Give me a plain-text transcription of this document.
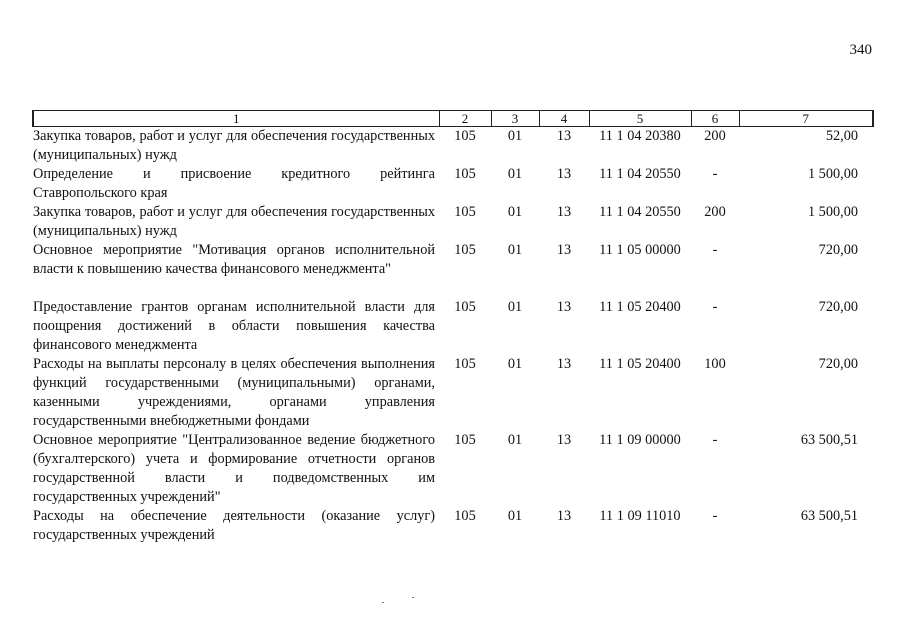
340
1	2	3	4	5	6	7
Закупка товаров, работ и услуг для обеспечения государственных (муниципальных) нужд	105	01	13	11 1 04 20380	200	52,00
Определение и присвоение кредитного рейтинга Ставропольского края	105	01	13	11 1 04 20550	-	1 500,00
Закупка товаров, работ и услуг для обеспечения государственных (муниципальных) нужд	105	01	13	11 1 04 20550	200	1 500,00
Основное мероприятие "Мотивация органов исполнительной власти к повышению качества финансового менеджмента"	105	01	13	11 1 05 00000	-	720,00
Предоставление грантов органам исполнительной власти для поощрения достижений в области повышения качества финансового менеджмента	105	01	13	11 1 05 20400	-	720,00
Расходы на выплаты персоналу в целях обеспечения выполнения функций государственными (муниципальными) органами, казенными учреждениями, органами управления государственными внебюджетными фондами	105	01	13	11 1 05 20400	100	720,00
Основное мероприятие "Централизованное ведение бюджетного (бухгалтерского) учета и формирование отчетности органов государственной власти и подведомственных им государственных учреждений"	105	01	13	11 1 09 00000	-	63 500,51
Расходы на обеспечение деятельности (оказание услуг) государственных учреждений	105	01	13	11 1 09 11010	-	63 500,51
